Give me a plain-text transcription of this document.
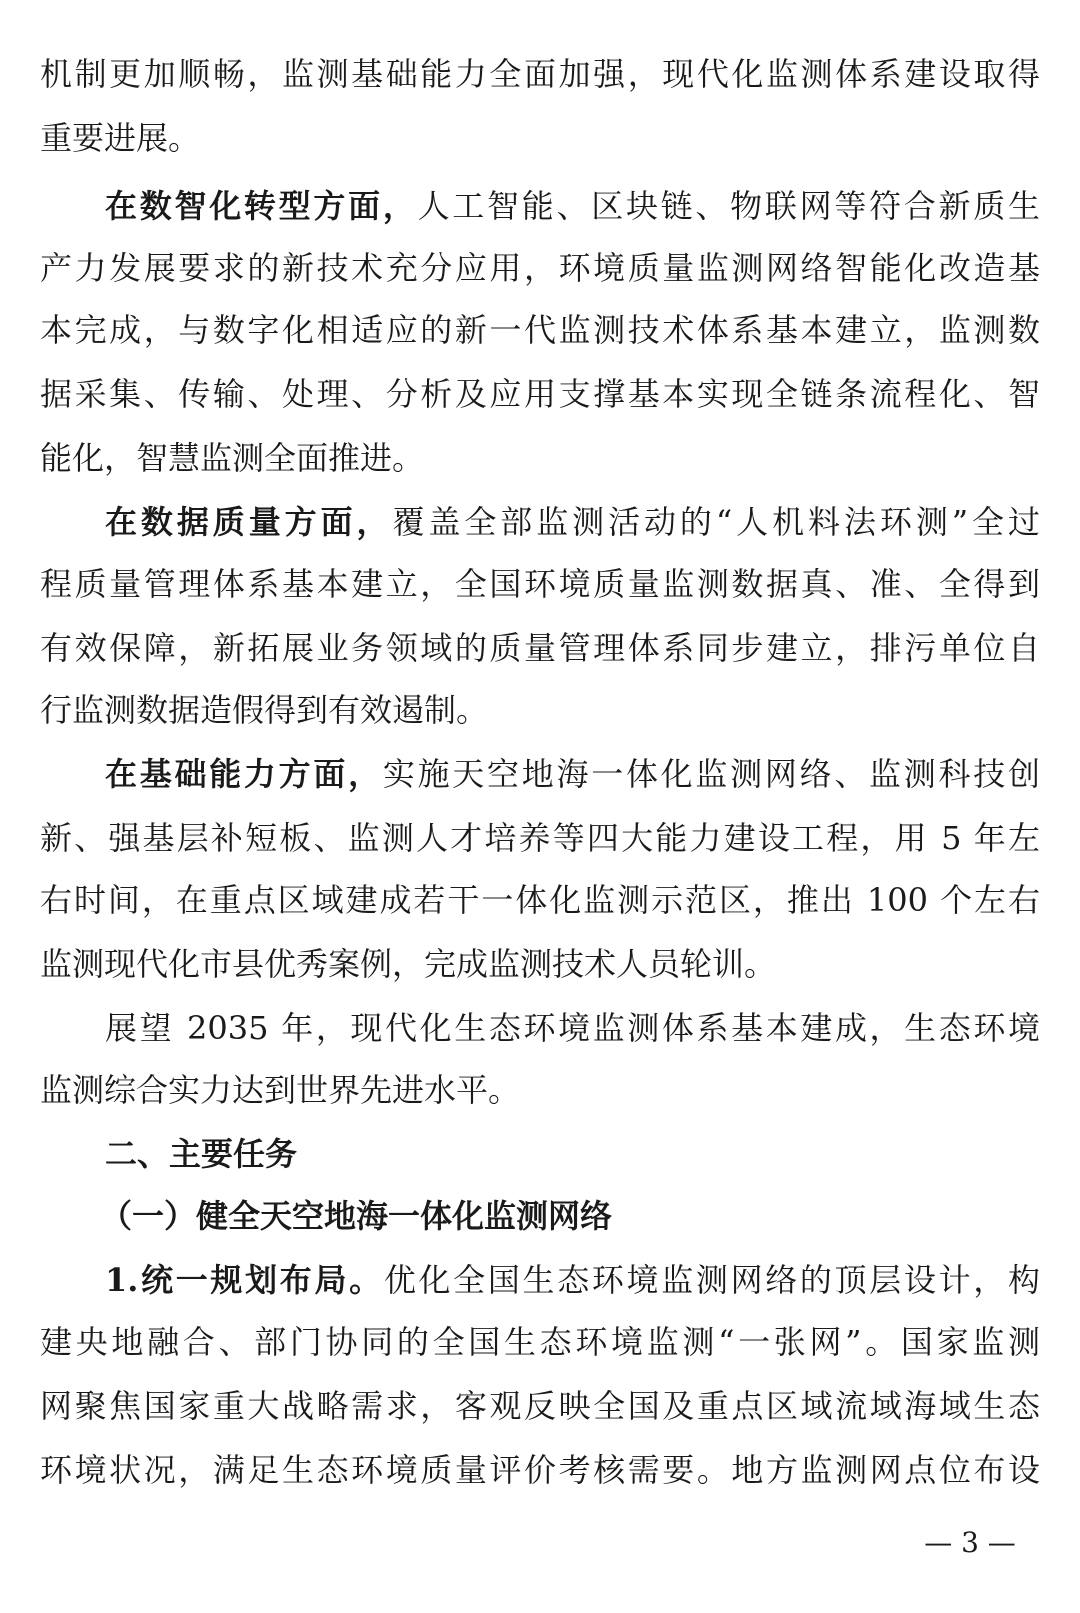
机制更加顺畅，监测基础能力全面加强，现代化监测体系建设取得
重要进展。
在数智化转型方面，人工智能、区块链、物联网等符合新质生
产力发展要求的新技术充分应用，环境质量监测网络智能化改造基
本完成，与数字化相适应的新一代监测技术体系基本建立，监测数
据采集、传输、处理、分析及应用支撑基本实现全链条流程化、智
能化，智慧监测全面推进。
在数据质量方面，覆盖全部监测活动的“人机料法环测”全过
程质量管理体系基本建立，全国环境质量监测数据真、准、全得到
有效保障，新拓展业务领域的质量管理体系同步建立，排污单位自
行监测数据造假得到有效遏制。
在基础能力方面，实施天空地海一体化监测网络、监测科技创
新、强基层补短板、监测人才培养等四大能力建设工程，用 5 年左
右时间，在重点区域建成若干一体化监测示范区，推出 100 个左右
监测现代化市县优秀案例，完成监测技术人员轮训。
展望 2035 年，现代化生态环境监测体系基本建成，生态环境
监测综合实力达到世界先进水平。
二、主要任务
（一）健全天空地海一体化监测网络
1.统一规划布局。优化全国生态环境监测网络的顶层设计，构
建央地融合、部门协同的全国生态环境监测“一张网”。国家监测
网聚焦国家重大战略需求，客观反映全国及重点区域流域海域生态
环境状况，满足生态环境质量评价考核需要。地方监测网点位布设
— 3 —
